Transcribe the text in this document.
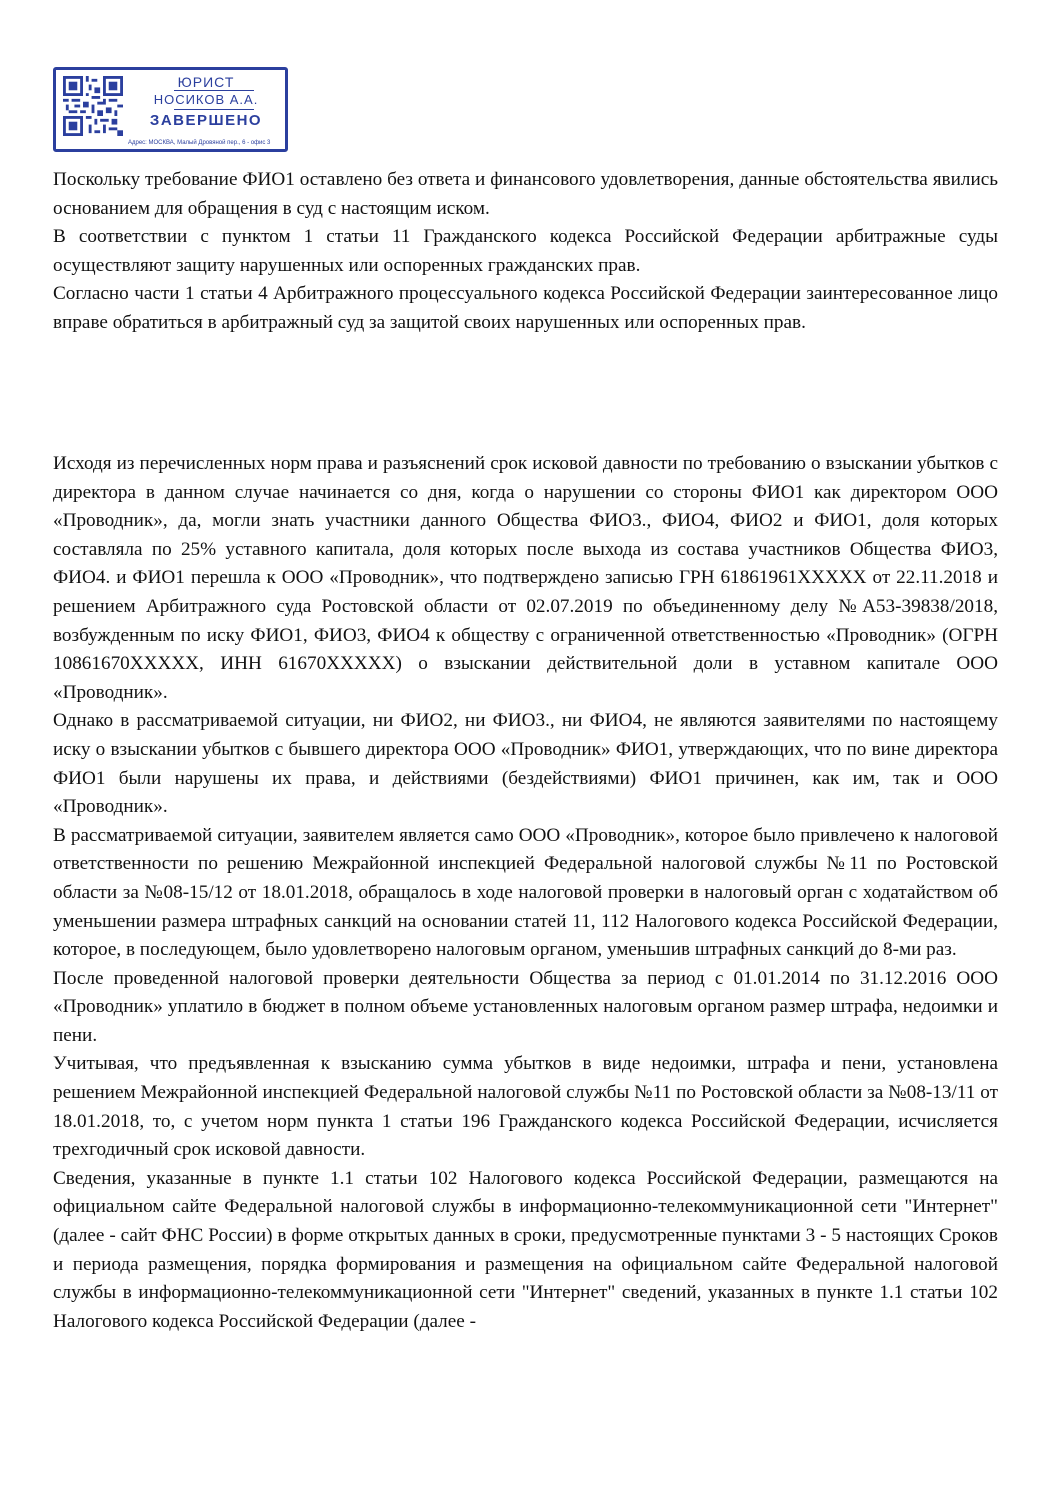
ЮРИСТ
НОСИКОВ А.А.
ЗАВЕРШЕНО
Адрес: МОСКВА, Малый Дровяной пер., 6 - офис 3

Поскольку требование ФИО1 оставлено без ответа и финансового удовлетворения, данные обстоятельства явились основанием для обращения в суд с настоящим иском.

В соответствии с пунктом 1 статьи 11 Гражданского кодекса Российской Федерации арбитражные суды осуществляют защиту нарушенных или оспоренных гражданских прав.

Согласно части 1 статьи 4 Арбитражного процессуального кодекса Российской Федерации заинтересованное лицо вправе обратиться в арбитражный суд за защитой своих нарушенных или оспоренных прав.

Исходя из перечисленных норм права и разъяснений срок исковой давности по требованию о взыскании убытков с директора в данном случае начинается со дня, когда о нарушении со стороны ФИО1 как директором ООО «Проводник», да, могли знать участники данного Общества ФИО3., ФИО4, ФИО2 и ФИО1, доля которых составляла по 25% уставного капитала, доля которых после выхода из состава участников Общества ФИО3, ФИО4. и ФИО1 перешла к ООО «Проводник», что подтверждено записью ГРН 61861961XXXXX от 22.11.2018 и решением Арбитражного суда Ростовской области от 02.07.2019 по объединенному делу №А53-39838/2018, возбужденным по иску ФИО1, ФИО3, ФИО4 к обществу с ограниченной ответственностью «Проводник» (ОГРН 10861670XXXXX, ИНН 61670XXXXX) о взыскании действительной доли в уставном капитале ООО «Проводник».

Однако в рассматриваемой ситуации, ни ФИО2, ни ФИО3., ни ФИО4, не являются заявителями по настоящему иску о взыскании убытков с бывшего директора ООО «Проводник» ФИО1, утверждающих, что по вине директора ФИО1 были нарушены их права, и действиями (бездействиями) ФИО1 причинен, как им, так и ООО «Проводник».

В рассматриваемой ситуации, заявителем является само ООО «Проводник», которое было привлечено к налоговой ответственности по решению Межрайонной инспекцией Федеральной налоговой службы №11 по Ростовской области за №08-15/12 от 18.01.2018, обращалось в ходе налоговой проверки в налоговый орган с ходатайством об уменьшении размера штрафных санкций на основании статей 11, 112 Налогового кодекса Российской Федерации, которое, в последующем, было удовлетворено налоговым органом, уменьшив штрафных санкций до 8-ми раз.

После проведенной налоговой проверки деятельности Общества за период с 01.01.2014 по 31.12.2016 ООО «Проводник» уплатило в бюджет в полном объеме установленных налоговым органом размер штрафа, недоимки и пени.

Учитывая, что предъявленная к взысканию сумма убытков в виде недоимки, штрафа и пени, установлена решением Межрайонной инспекцией Федеральной налоговой службы №11 по Ростовской области за №08-13/11 от 18.01.2018, то, с учетом норм пункта 1 статьи 196 Гражданского кодекса Российской Федерации, исчисляется трехгодичный срок исковой давности.

Сведения, указанные в пункте 1.1 статьи 102 Налогового кодекса Российской Федерации, размещаются на официальном сайте Федеральной налоговой службы в информационно-телекоммуникационной сети "Интернет" (далее - сайт ФНС России) в форме открытых данных в сроки, предусмотренные пунктами 3 - 5 настоящих Сроков и периода размещения, порядка формирования и размещения на официальном сайте Федеральной налоговой службы в информационно-телекоммуникационной сети "Интернет" сведений, указанных в пункте 1.1 статьи 102 Налогового кодекса Российской Федерации (далее -
